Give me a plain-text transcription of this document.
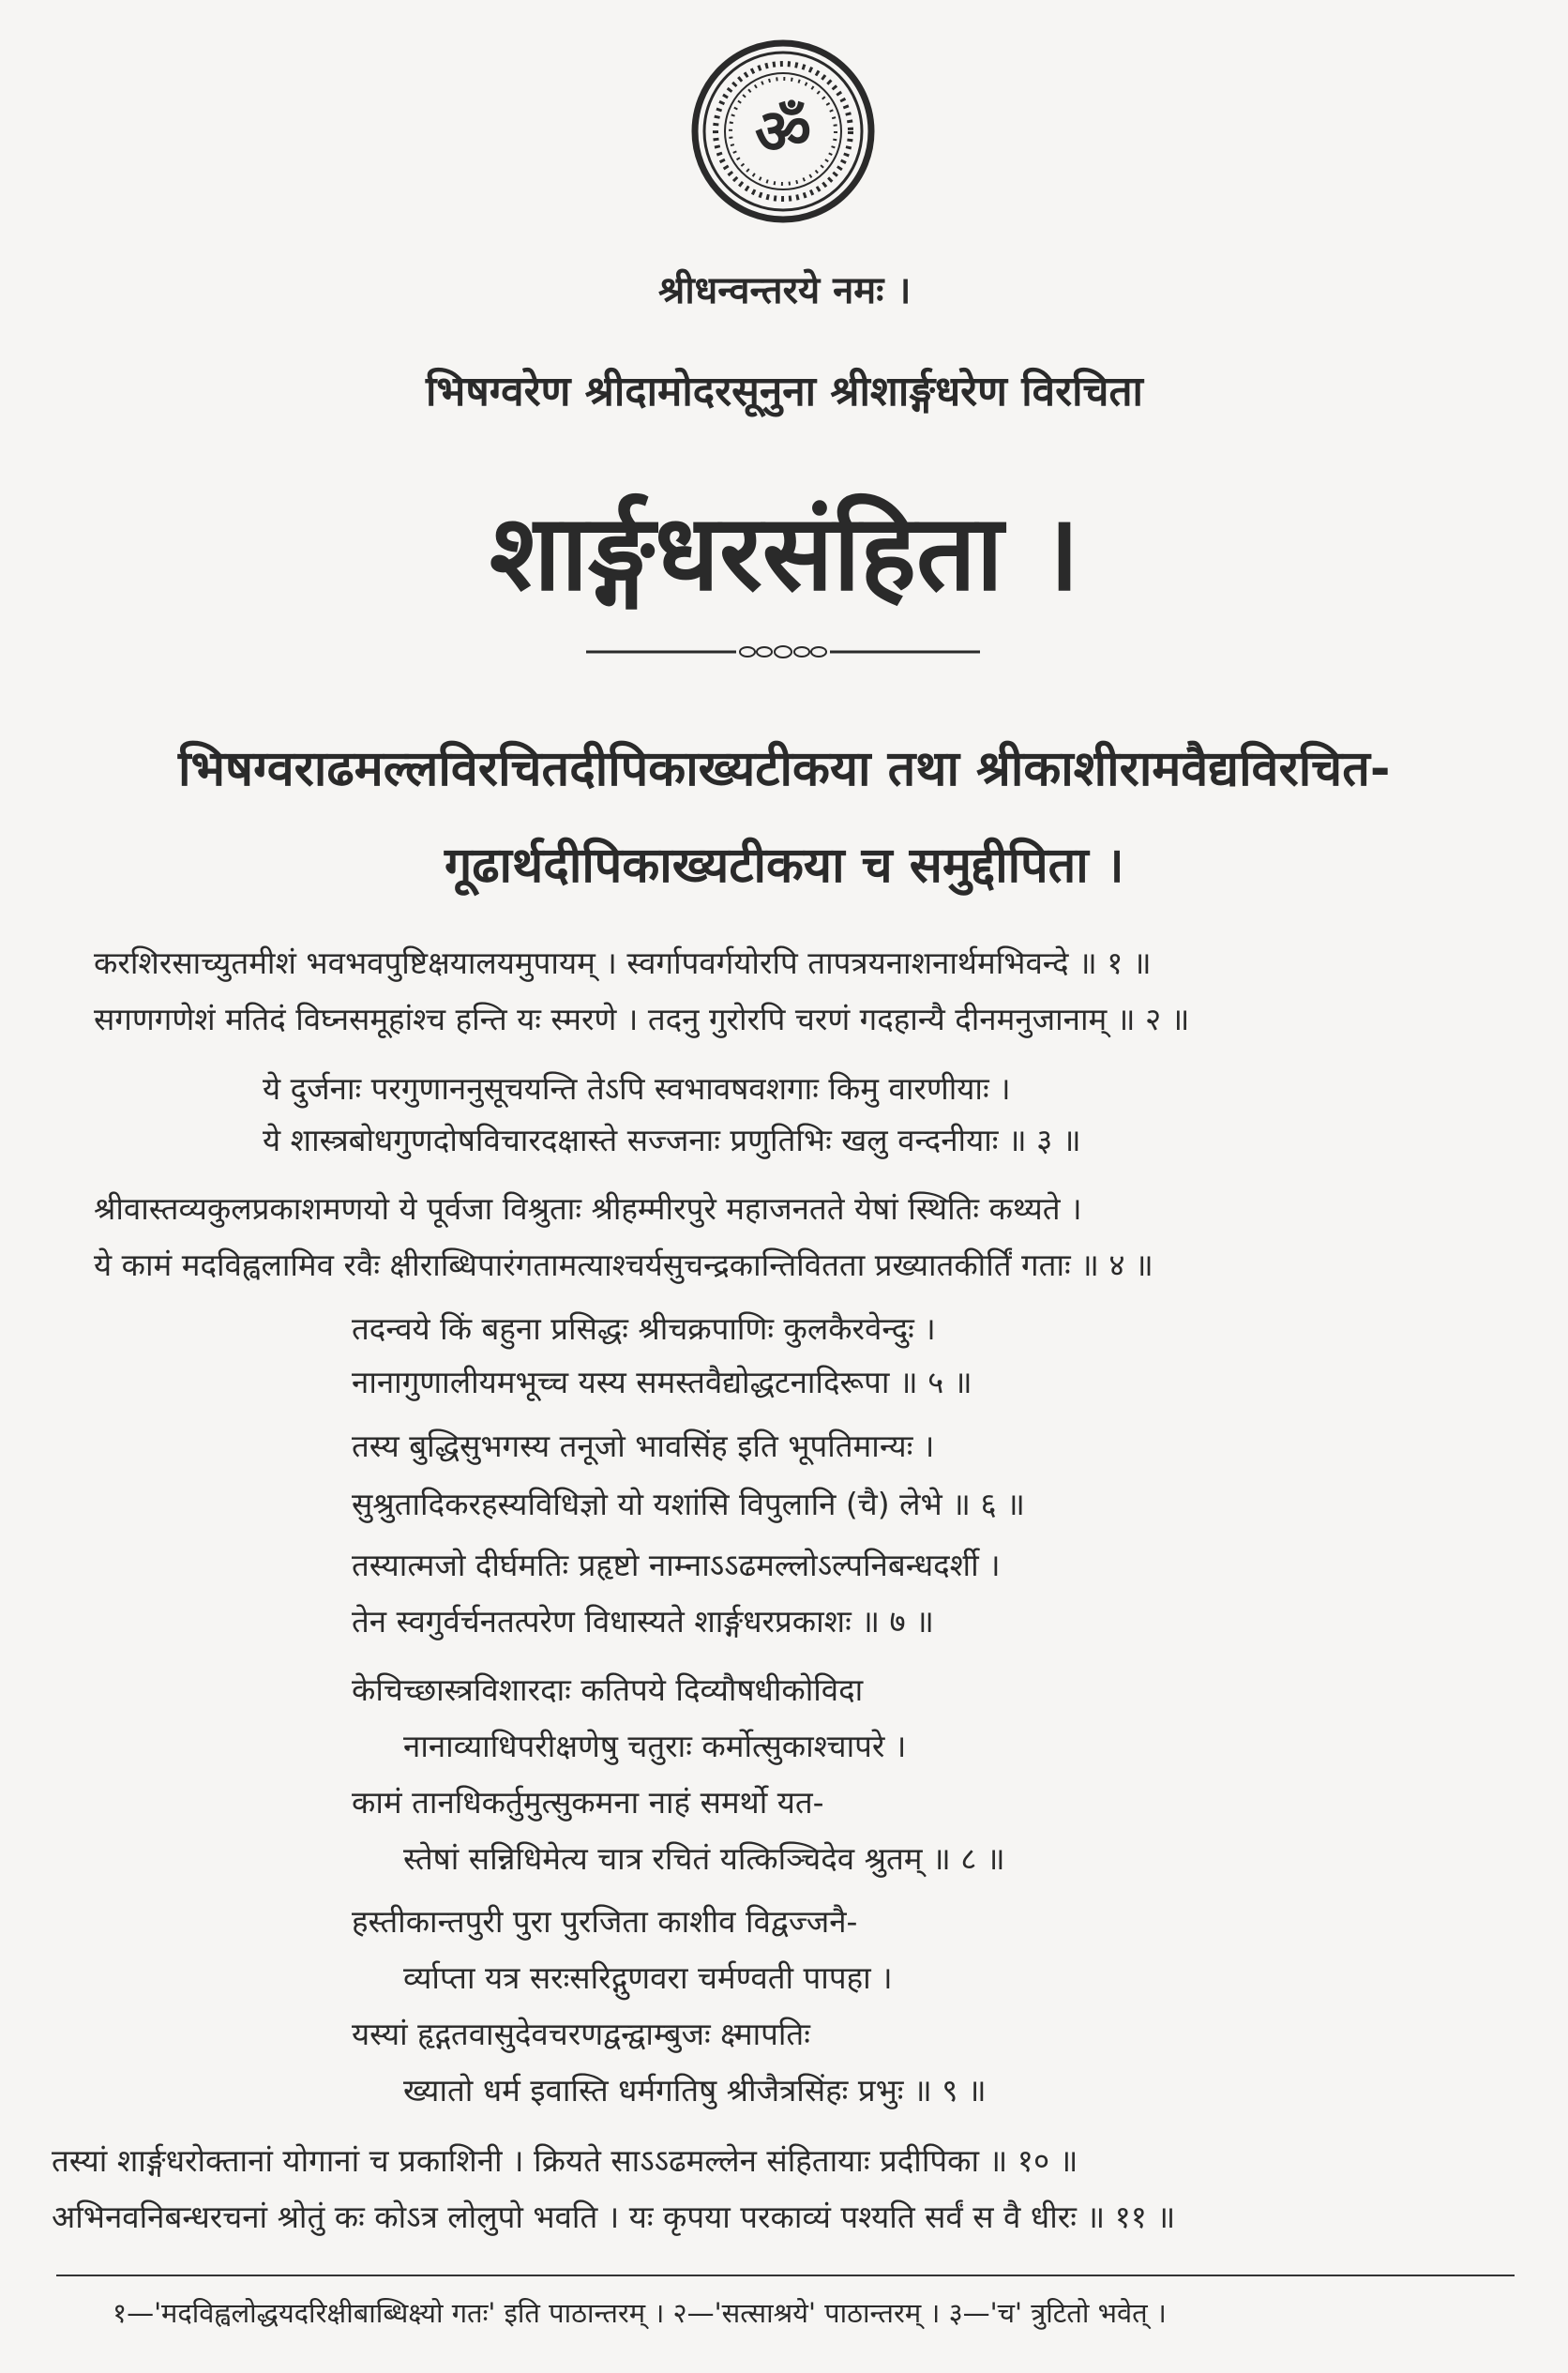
ॐ
श्रीधन्वन्तरये नमः ।
भिषग्वरेण श्रीदामोदरसूनुना श्रीशार्ङ्गधरेण विरचिता
शार्ङ्गधरसंहिता ।
भिषग्वराढमल्लविरचितदीपिकाख्यटीकया तथा श्रीकाशीरामवैद्यविरचित-
गूढार्थदीपिकाख्यटीकया च समुद्दीपिता ।
करशिरसाच्युतमीशं भवभवपुष्टिक्षयालयमुपायम् । स्वर्गापवर्गयोरपि तापत्रयनाशनार्थमभिवन्दे ॥ १ ॥
सगणगणेशं मतिदं विघ्नसमूहांश्च हन्ति यः स्मरणे । तदनु गुरोरपि चरणं गदहान्यै दीनमनुजानाम् ॥ २ ॥
ये दुर्जनाः परगुणाननुसूचयन्ति तेऽपि स्वभावषवशगाः किमु वारणीयाः ।
ये शास्त्रबोधगुणदोषविचारदक्षास्ते सज्जनाः प्रणुतिभिः खलु वन्दनीयाः ॥ ३ ॥
श्रीवास्तव्यकुलप्रकाशमणयो ये पूर्वजा विश्रुताः श्रीहम्मीरपुरे महाजनतते येषां स्थितिः कथ्यते ।
ये कामं मदविह्वलामिव रवैः क्षीराब्धिपारंगतामत्याश्चर्यसुचन्द्रकान्तिवितता प्रख्यातकीर्तिं गताः ॥ ४ ॥
तदन्वये किं बहुना प्रसिद्धः श्रीचक्रपाणिः कुलकैरवेन्दुः ।
नानागुणालीयमभूच्च यस्य समस्तवैद्योद्धटनादिरूपा ॥ ५ ॥
तस्य बुद्धिसुभगस्य तनूजो भावसिंह इति भूपतिमान्यः ।
सुश्रुतादिकरहस्यविधिज्ञो यो यशांसि विपुलानि (चै) लेभे ॥ ६ ॥
तस्यात्मजो दीर्घमतिः प्रहृष्टो नाम्नाऽऽढमल्लोऽल्पनिबन्धदर्शी ।
तेन स्वगुर्वर्चनतत्परेण विधास्यते शार्ङ्गधरप्रकाशः ॥ ७ ॥
केचिच्छास्त्रविशारदाः कतिपये दिव्यौषधीकोविदा
नानाव्याधिपरीक्षणेषु चतुराः कर्मोत्सुकाश्चापरे ।
कामं तानधिकर्तुमुत्सुकमना नाहं समर्थो यत-
स्तेषां सन्निधिमेत्य चात्र रचितं यत्किञ्चिदेव श्रुतम् ॥ ८ ॥
हस्तीकान्तपुरी पुरा पुरजिता काशीव विद्वज्जनै-
र्व्याप्ता यत्र सरःसरिद्गुणवरा चर्मण्वती पापहा ।
यस्यां हृद्गतवासुदेवचरणद्वन्द्वाम्बुजः क्ष्मापतिः
ख्यातो धर्म इवास्ति धर्मगतिषु श्रीजैत्रसिंहः प्रभुः ॥ ९ ॥
तस्यां शार्ङ्गधरोक्तानां योगानां च प्रकाशिनी । क्रियते साऽऽढमल्लेन संहितायाः प्रदीपिका ॥ १० ॥
अभिनवनिबन्धरचनां श्रोतुं कः कोऽत्र लोलुपो भवति । यः कृपया परकाव्यं पश्यति सर्वं स वै धीरः ॥ ११ ॥
१—'मदविह्वलोद्धयदरिक्षीबाब्धिक्ष्यो गतः' इति पाठान्तरम् । २—'सत्साश्रये' पाठान्तरम् । ३—'च' त्रुटितो भवेत् ।
